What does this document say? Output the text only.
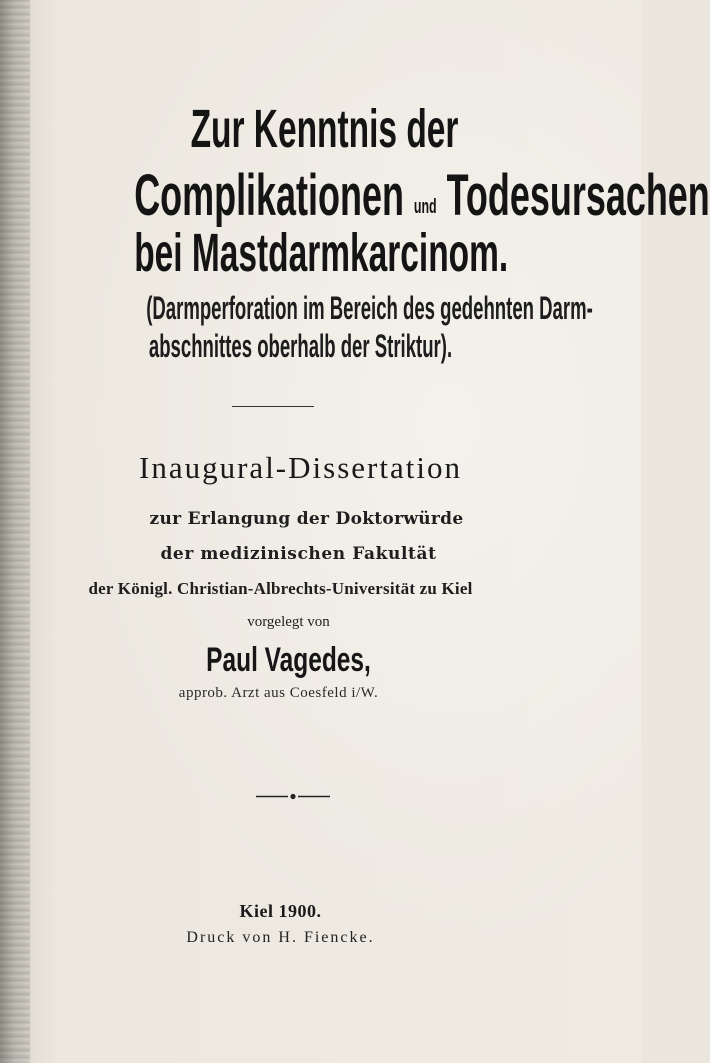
Zur Kenntnis der

Complikationen und Todesursachen

bei Mastdarmkarcinom.

(Darmperforation im Bereich des gedehnten Darm-

abschnittes oberhalb der Striktur).

Inaugural-Dissertation

zur Erlangung der Doktorwürde

der medizinischen Fakultät

der Königl. Christian-Albrechts-Universität zu Kiel

vorgelegt von

Paul Vagedes,

approb. Arzt aus Coesfeld i/W.

Kiel 1900.

Druck von H. Fiencke.
